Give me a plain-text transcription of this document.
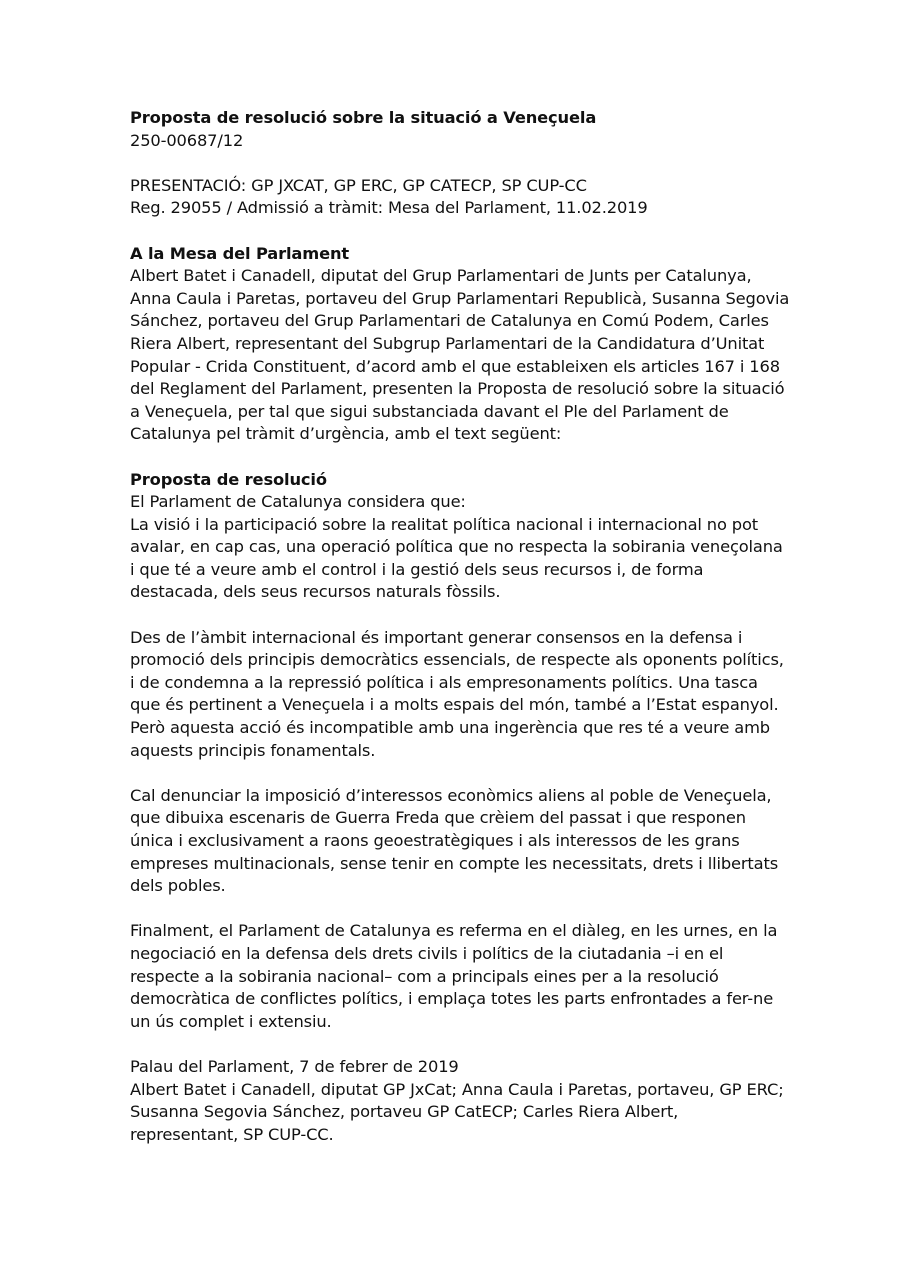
Proposta de resolució sobre la situació a Veneçuela

250-00687/12

PRESENTACIÓ: GP JXCAT, GP ERC, GP CATECP, SP CUP-CC

Reg. 29055 / Admissió a tràmit: Mesa del Parlament, 11.02.2019

A la Mesa del Parlament

Albert Batet i Canadell, diputat del Grup Parlamentari de Junts per Catalunya, Anna Caula i Paretas, portaveu del Grup Parlamentari Republicà, Susanna Segovia Sánchez, portaveu del Grup Parlamentari de Catalunya en Comú Podem, Carles Riera Albert, representant del Subgrup Parlamentari de la Candidatura d’Unitat Popular - Crida Constituent, d’acord amb el que estableixen els articles 167 i 168 del Reglament del Parlament, presenten la Proposta de resolució sobre la situació a Veneçuela, per tal que sigui substanciada davant el Ple del Parlament de Catalunya pel tràmit d’urgència, amb el text següent:

Proposta de resolució

El Parlament de Catalunya considera que:

La visió i la participació sobre la realitat política nacional i internacional no pot avalar, en cap cas, una operació política que no respecta la sobirania veneçolana i que té a veure amb el control i la gestió dels seus recursos i, de forma destacada, dels seus recursos naturals fòssils.

Des de l’àmbit internacional és important generar consensos en la defensa i promoció dels principis democràtics essencials, de respecte als oponents polítics, i de condemna a la repressió política i als empresonaments polítics. Una tasca que és pertinent a Veneçuela i a molts espais del món, també a l’Estat espanyol. Però aquesta acció és incompatible amb una ingerència que res té a veure amb aquests principis fonamentals.

Cal denunciar la imposició d’interessos econòmics aliens al poble de Veneçuela, que dibuixa escenaris de Guerra Freda que crèiem del passat i que responen única i exclusivament a raons geoestratègiques i als interessos de les grans empreses multinacionals, sense tenir en compte les necessitats, drets i llibertats dels pobles.

Finalment, el Parlament de Catalunya es referma en el diàleg, en les urnes, en la negociació en la defensa dels drets civils i polítics de la ciutadania –i en el respecte a la sobirania nacional– com a principals eines per a la resolució democràtica de conflictes polítics, i emplaça totes les parts enfrontades a fer-ne un ús complet i extensiu.

Palau del Parlament, 7 de febrer de 2019

Albert Batet i Canadell, diputat GP JxCat; Anna Caula i Paretas, portaveu, GP ERC; Susanna Segovia Sánchez, portaveu GP CatECP; Carles Riera Albert, representant, SP CUP-CC.
